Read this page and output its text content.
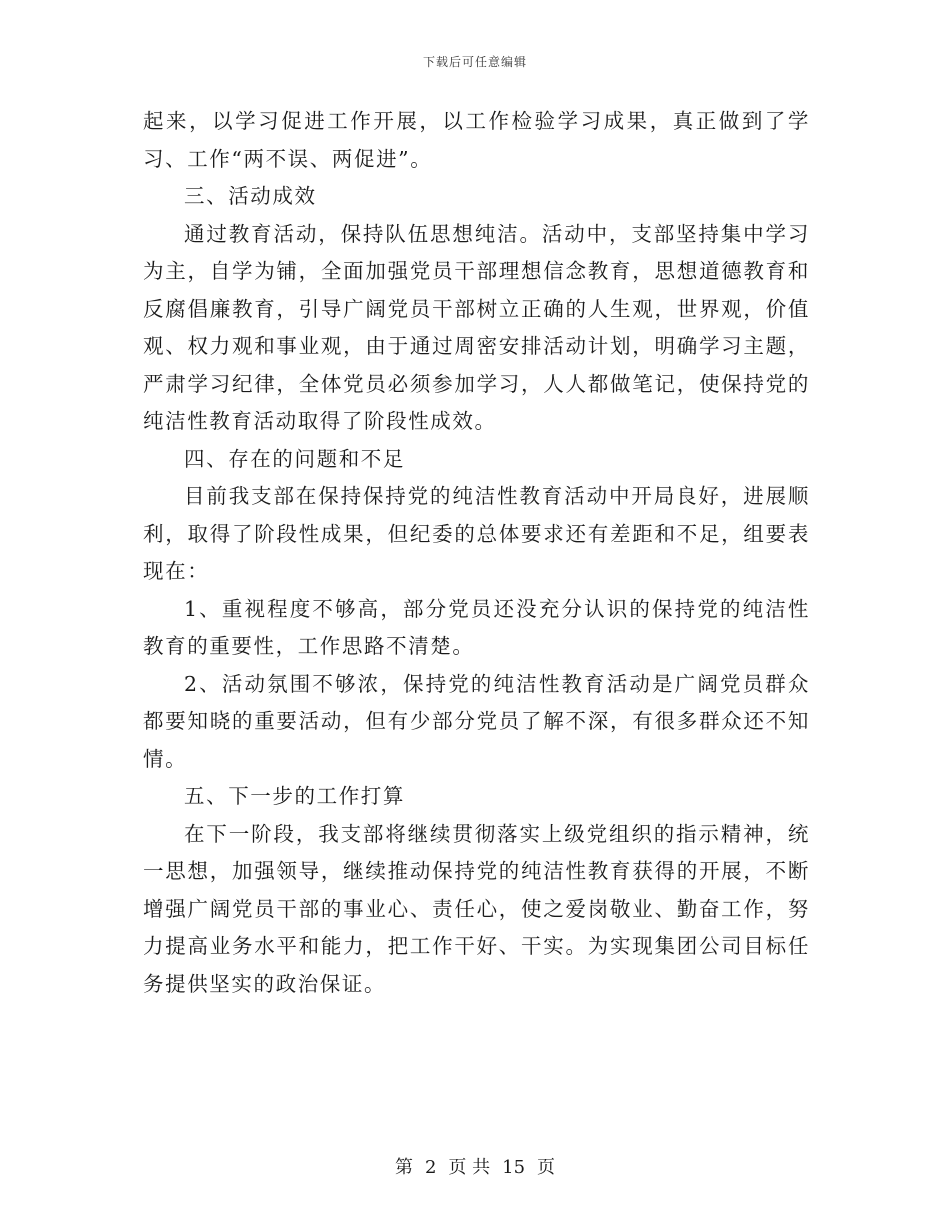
下载后可任意编辑

起来，以学习促进工作开展，以工作检验学习成果，真正做到了学习、工作“两不误、两促进”。

三、活动成效

通过教育活动，保持队伍思想纯洁。活动中，支部坚持集中学习为主，自学为铺，全面加强党员干部理想信念教育，思想道德教育和反腐倡廉教育，引导广阔党员干部树立正确的人生观，世界观，价值观、权力观和事业观，由于通过周密安排活动计划，明确学习主题，严肃学习纪律，全体党员必须参加学习，人人都做笔记，使保持党的纯洁性教育活动取得了阶段性成效。

四、存在的问题和不足

目前我支部在保持保持党的纯洁性教育活动中开局良好，进展顺利，取得了阶段性成果，但纪委的总体要求还有差距和不足，组要表现在：

1、重视程度不够高，部分党员还没充分认识的保持党的纯洁性教育的重要性，工作思路不清楚。

2、活动氛围不够浓，保持党的纯洁性教育活动是广阔党员群众都要知晓的重要活动，但有少部分党员了解不深，有很多群众还不知情。

五、下一步的工作打算

在下一阶段，我支部将继续贯彻落实上级党组织的指示精神，统一思想，加强领导，继续推动保持党的纯洁性教育获得的开展，不断增强广阔党员干部的事业心、责任心，使之爱岗敬业、勤奋工作，努力提高业务水平和能力，把工作干好、干实。为实现集团公司目标任务提供坚实的政治保证。

第 2 页 共 15 页
